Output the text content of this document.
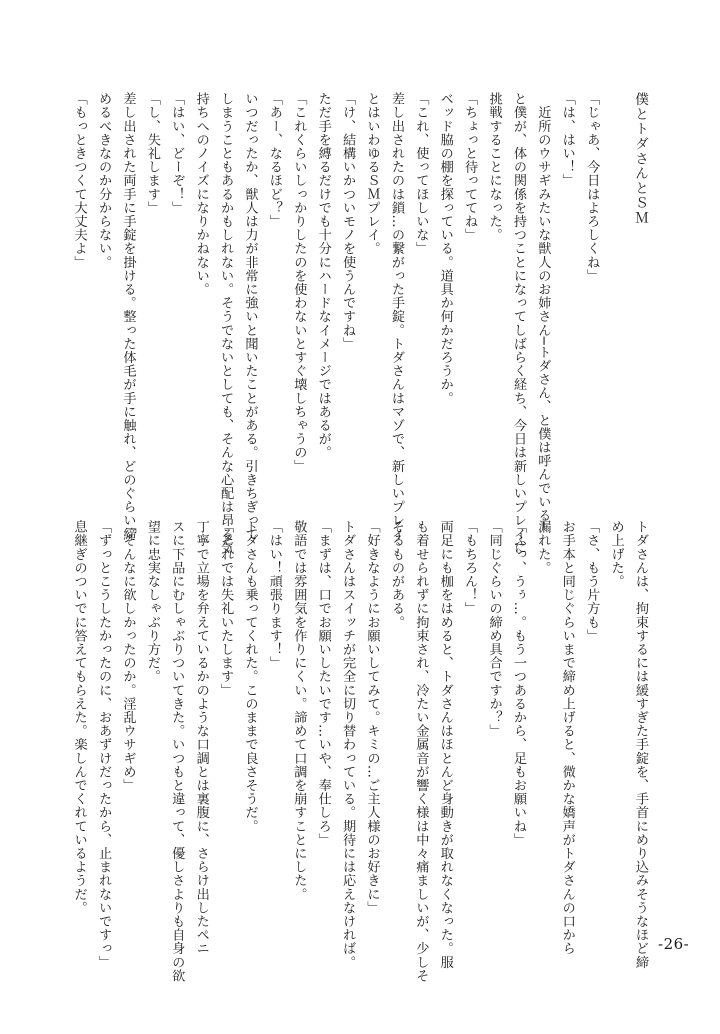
僕とトダさんとＳＭ

「じゃあ、今日はよろしくね」
「は、はい！」
　近所のウサギみたいな獣人のお姉さん─トダさん、と僕は呼んでいる─
と僕が、体の関係を持つことになってしばらく経ち、今日は新しいプレイに
挑戦することになった。
「ちょっと待っててね」
ベッド脇の棚を探っている。道具か何かだろうか。
「これ、使ってほしいな」
差し出されたのは鎖…の繋がった手錠。トダさんはマゾで、新しいプレイ
とはいわゆるＳＭプレイ。
「け、結構いかついモノを使うんですね」
ただ手を縛るだけでも十分にハードなイメージではあるが。
「これくらいしっかりしたのを使わないとすぐ壊しちゃうの」
「あー、なるほど？」
いつだったか、獣人は力が非常に強いと聞いたことがある。引きちぎって
しまうこともあるかもしれない。そうでないとしても、そんな心配は昂る気
持ちへのノイズになりかねない。
「はい、どーぞ！」
「し、失礼します」
差し出された両手に手錠を掛ける。整った体毛が手に触れ、どのぐらい締
めるべきなのか分からない。
「もっときつくて大丈夫よ」
トダさんは、拘束するには緩すぎた手錠を、手首にめり込みそうなほど締
め上げた。
「さ、もう片方も」
お手本と同じぐらいまで締め上げると、微かな嬌声がトダさんの口から
漏れた。
「ふっ、うぅ…。もう一つあるから、足もお願いね」
「同じぐらいの締め具合ですか？」
「もちろん！」
両足にも枷をはめると、トダさんはほとんど身動きが取れなくなった。服
も着せられずに拘束され、冷たい金属音が響く様は中々痛ましいが、少しそ
そるものがある。
「好きなようにお願いしてみて。キミの…ご主人様のお好きに」
トダさんはスイッチが完全に切り替わっている。期待には応えなければ。
「まずは、口でお願いしたいです…いや、奉仕しろ」
敬語では雰囲気を作りにくい。諦めて口調を崩すことにした。
「はい！頑張ります！」
トダさんも乗ってくれた。このままで良さそうだ。
「それでは失礼いたします」
丁寧で立場を弁えているかのような口調とは裏腹に、さらけ出したペニ
スに下品にむしゃぶりついてきた。いつもと違って、優しさよりも自身の欲
望に忠実なしゃぶり方だ。
「そんなに欲しかったのか。淫乱ウサギめ」
「ずっとこうしたかったのに、おあずけだったから、止まれないですっ」
息継ぎのついでに答えてもらえた。楽しんでくれているようだ。
-26-
